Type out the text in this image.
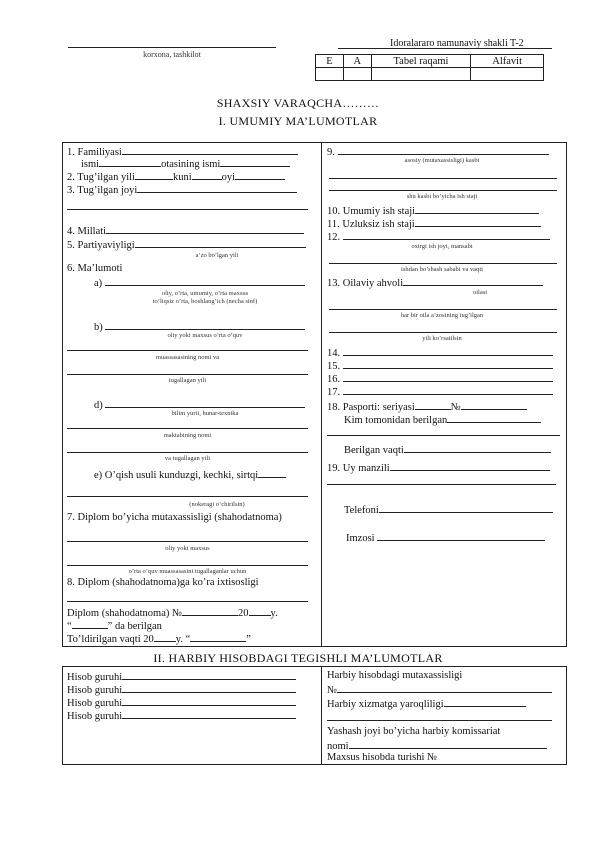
korxona, tashkilot
Idoralararo namunaviy shakli T-2
E	A	Tabel raqami	Alfavit

SHAXSIY VARAQCHA………
I. UMUMIY MA’LUMOTLAR
1. Familiyasi
ismi	otasining ismi
2. Tug’ilgan yili	kuni	oyi
3. Tug’ilgan joyi
4. Millati
5. Partiyaviyligi
a’zo bo’lgan yili
6. Ma’lumoti
a)
oliy, o’rta, umumiy, o’rta maxsus
to’liqsiz o’rta, boshlang’ich (necha sinf)
b)
oliy yoki maxsus o’rta o’quv
muassasasining nomi va
tugallagan yili
d)
bilim yurti, hunar-texnika
maktabining nomi
va tugallagan yili
e) O’qish usuli kunduzgi, kechki, sirtqi
(nokeragi o’chirilsin)
7. Diplom bo’yicha mutaxassisligi (shahodatnoma)
oliy yoki maxsus
o’rta o’quv muassasasini tugallaganlar uchun
8. Diplom (shahodatnoma)ga ko’ra ixtisosligi
Diplom (shahodatnoma) №	20 y.
“	” da berilgan
To’ldirilgan vaqti 20 y. “	”
9.
asosiy (mutaxassisligi) kasbi
shu kasbi bo’yicha ish staji
10. Umumiy ish staji
11. Uzluksiz ish staji
12.
oxirgi ish joyi, mansabi
ishdan bo’shash sababi va vaqti
13. Oilaviy ahvoli
oilasi
har bir oila a’zosining tug’ilgan
yili ko’rsatilsin
14.
15.
16.
17.
18. Pasporti: seriyasi	№
Kim tomonidan berilgan
Berilgan vaqti
19. Uy manzili
Telefoni
Imzosi
II. HARBIY HISOBDAGI TEGISHLI MA’LUMOTLAR
Hisob guruhi
Hisob guruhi
Hisob guruhi
Hisob guruhi
Harbiy hisobdagi mutaxassisligi
№
Harbiy xizmatga yaroqliligi
Yashash joyi bo’yicha harbiy komissariat
nomi
Maxsus hisobda turishi №
